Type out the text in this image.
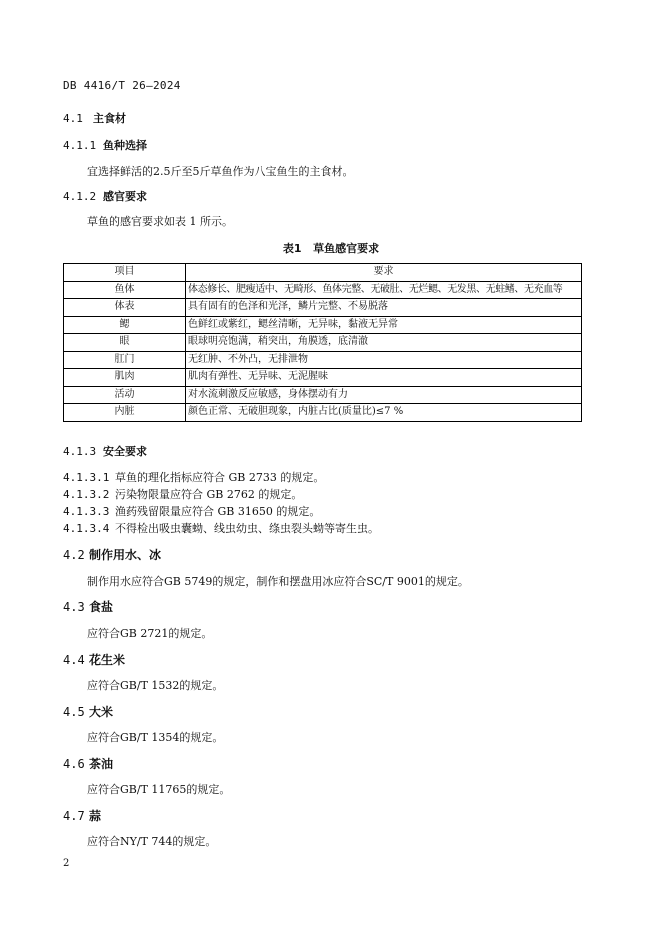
DB 4416/T 26—2024
4.1 主食材
4.1.1 鱼种选择
宜选择鲜活的2.5斤至5斤草鱼作为八宝鱼生的主食材。
4.1.2 感官要求
草鱼的感官要求如表 1 所示。
表1 草鱼感官要求
项目	要求
鱼体	体态修长、肥瘦适中、无畸形、鱼体完整、无破肚、无烂鳃、无发黑、无蛀鳍、无充血等
体表	具有固有的色泽和光泽，鳞片完整、不易脱落
鳃	色鲜红或紫红，鳃丝清晰，无异味，黏液无异常
眼	眼球明亮饱满，稍突出，角膜透，底清澈
肛门	无红肿、不外凸，无排泄物
肌肉	肌肉有弹性、无异味、无泥腥味
活动	对水流刺激反应敏感，身体摆动有力
内脏	颜色正常、无破胆现象，内脏占比(质量比)≤7 %
4.1.3 安全要求
4.1.3.1 草鱼的理化指标应符合 GB 2733 的规定。
4.1.3.2 污染物限量应符合 GB 2762 的规定。
4.1.3.3 渔药残留限量应符合 GB 31650 的规定。
4.1.3.4 不得检出吸虫囊蚴、线虫幼虫、绦虫裂头蚴等寄生虫。
4.2 制作用水、冰
制作用水应符合GB 5749的规定，制作和摆盘用冰应符合SC/T 9001的规定。
4.3 食盐
应符合GB 2721的规定。
4.4 花生米
应符合GB/T 1532的规定。
4.5 大米
应符合GB/T 1354的规定。
4.6 茶油
应符合GB/T 11765的规定。
4.7 蒜
应符合NY/T 744的规定。
2
